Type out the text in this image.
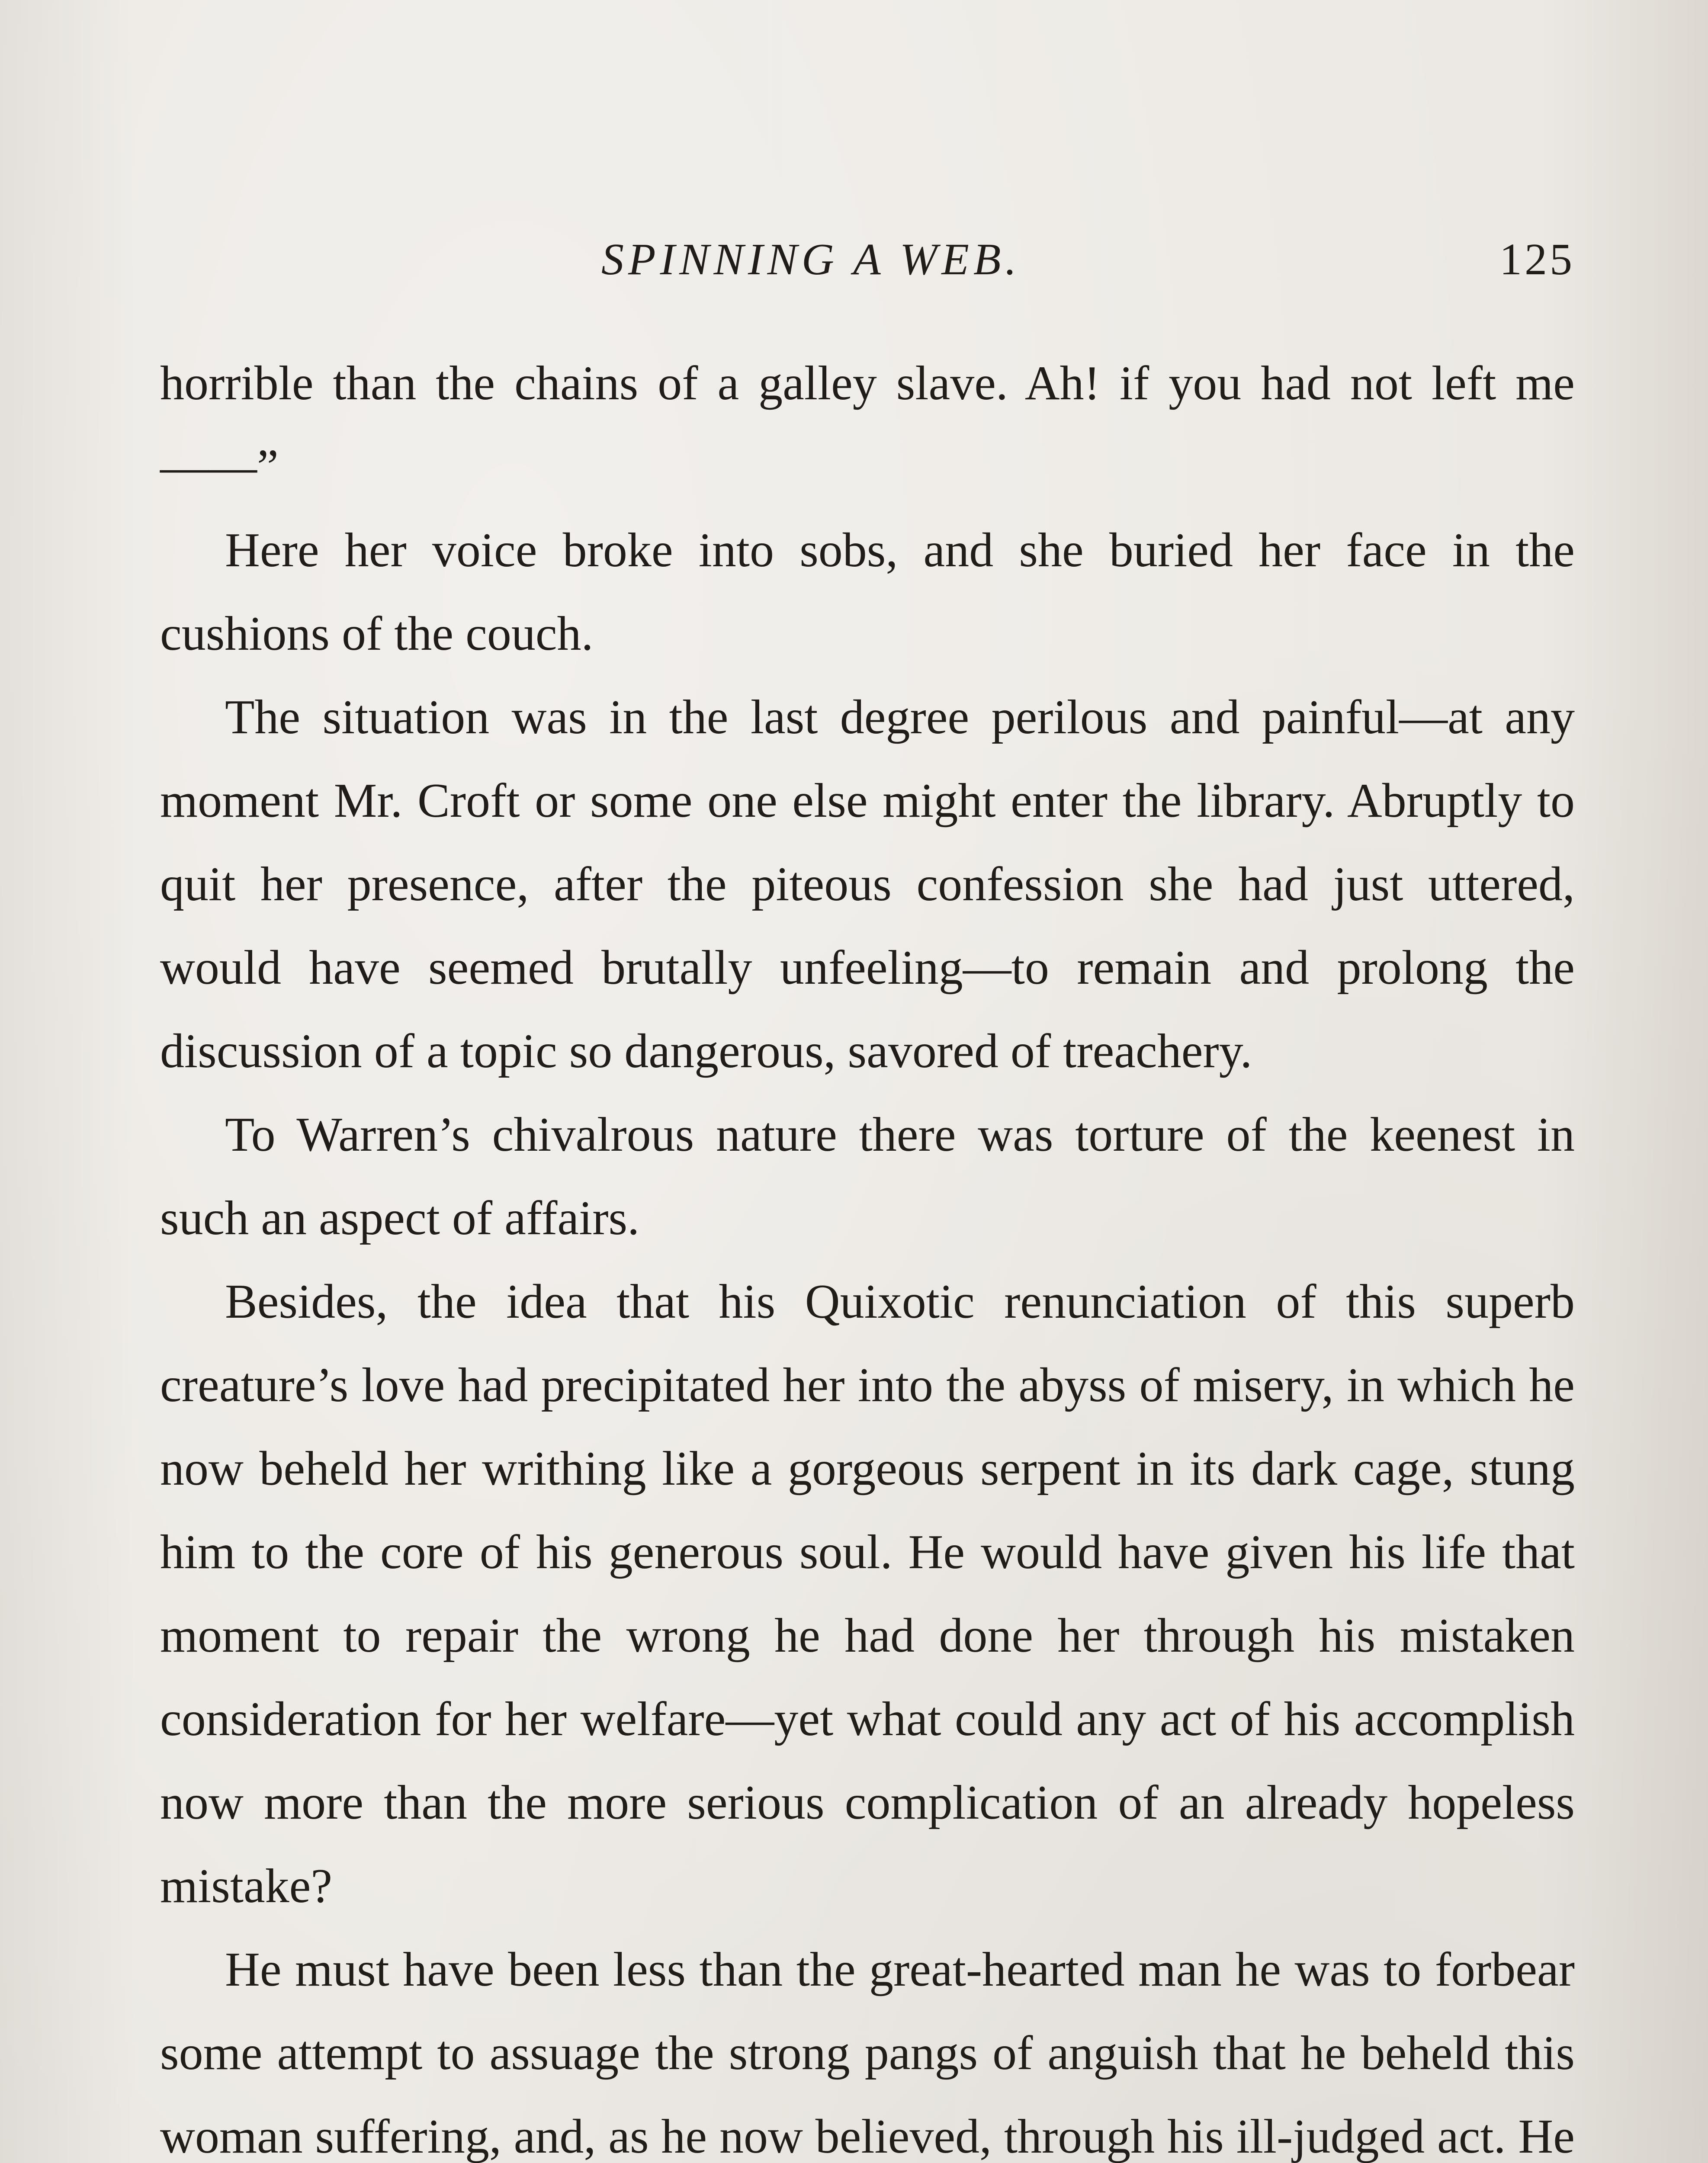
SPINNING A WEB.	125

horrible than the chains of a galley slave. Ah! if you had not left me——”

Here her voice broke into sobs, and she buried her face in the cushions of the couch.

The situation was in the last degree perilous and painful—at any moment Mr. Croft or some one else might enter the library. Abruptly to quit her presence, after the piteous confession she had just uttered, would have seemed brutally unfeeling—to remain and prolong the discussion of a topic so dangerous, savored of treachery.

To Warren’s chivalrous nature there was torture of the keenest in such an aspect of affairs.

Besides, the idea that his Quixotic renunciation of this superb creature’s love had precipitated her into the abyss of misery, in which he now beheld her writhing like a gorgeous serpent in its dark cage, stung him to the core of his generous soul. He would have given his life that moment to repair the wrong he had done her through his mistaken consideration for her welfare—yet what could any act of his accomplish now more than the more serious complication of an already hopeless mistake?

He must have been less than the great-hearted man he was to forbear some attempt to assuage the strong pangs of anguish that he beheld this woman suffering, and, as he now believed, through his ill-judged act. He
